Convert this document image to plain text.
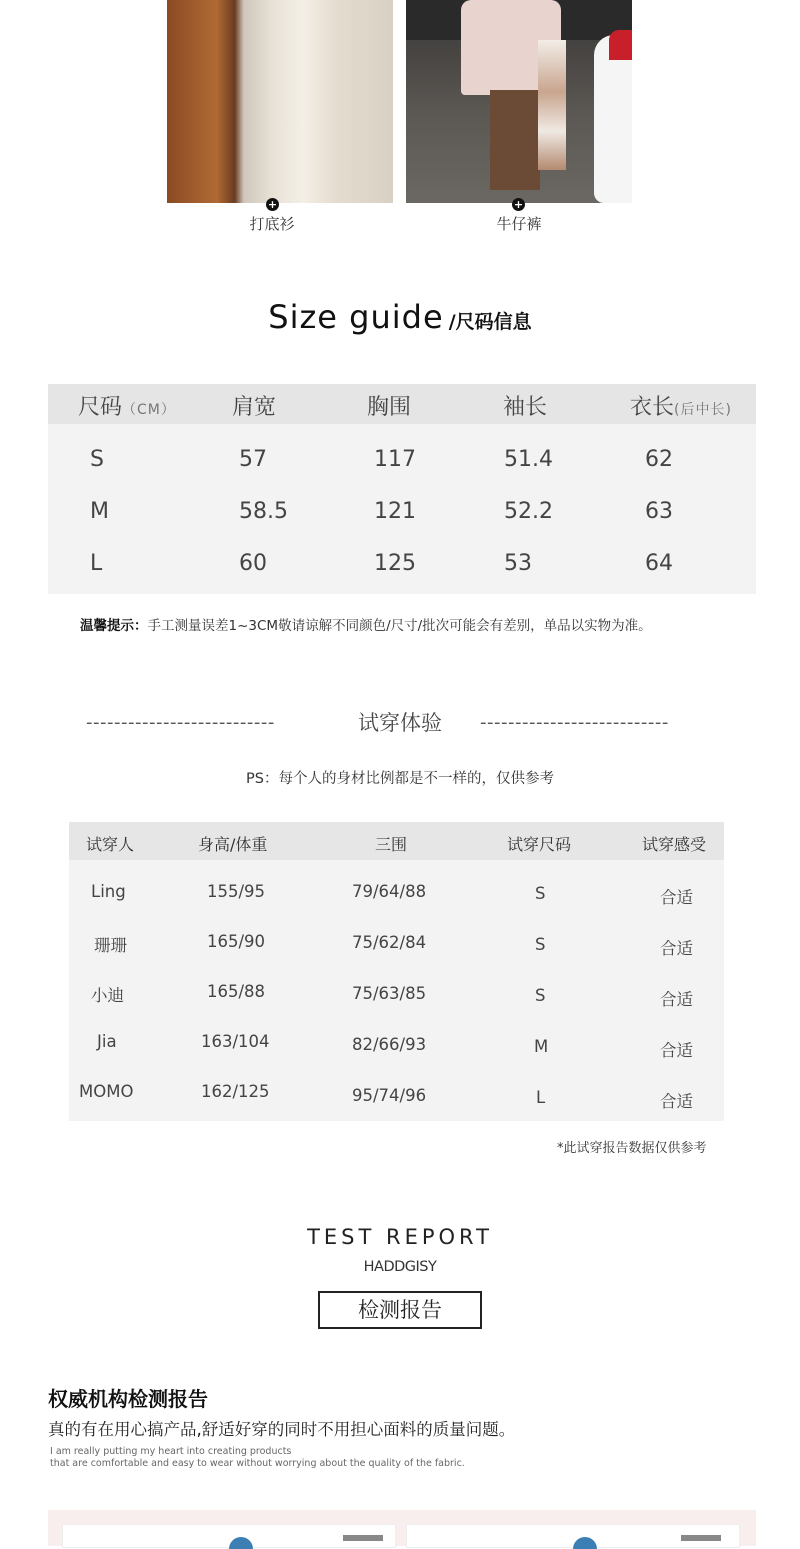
+
打底衫
+
牛仔裤
Size guide /尺码信息
尺码（CM）	肩宽	胸围	袖长	衣长(后中长)
S	57	117	51.4	62
M	58.5	121	52.2	63
L	60	125	53	64
温馨提示：手工测量误差1~3CM敬请谅解不同颜色/尺寸/批次可能会有差别，单品以实物为准。
---------------------------	试穿体验	---------------------------
PS：每个人的身材比例都是不一样的，仅供参考
试穿人	身高/体重	三围	试穿尺码	试穿感受
Ling	155/95	79/64/88	S	合适
珊珊	165/90	75/62/84	S	合适
小迪	165/88	75/63/85	S	合适
Jia	163/104	82/66/93	M	合适
MOMO	162/125	95/74/96	L	合适
*此试穿报告数据仅供参考
TEST REPORT
HADDGISY
检测报告
权威机构检测报告
真的有在用心搞产品,舒适好穿的同时不用担心面料的质量问题。
I am really putting my heart into creating products
that are comfortable and easy to wear without worrying about the quality of the fabric.
